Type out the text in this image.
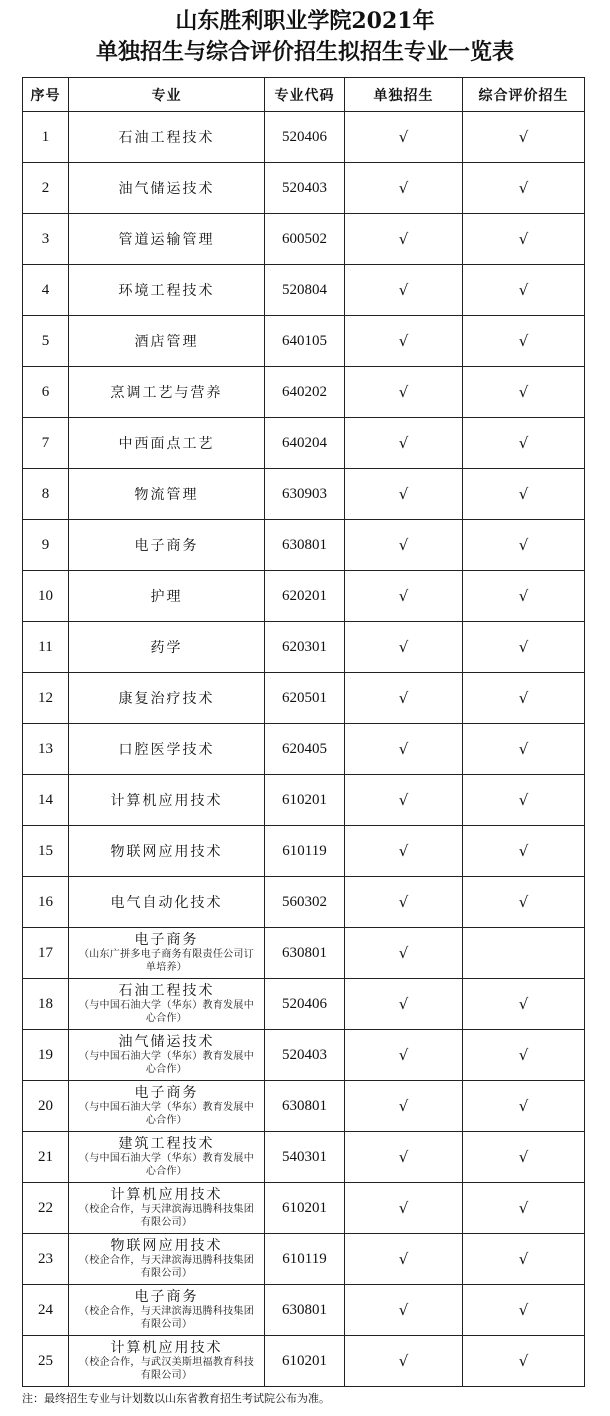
山东胜利职业学院2021年
单独招生与综合评价招生拟招生专业一览表
序号	专业	专业代码	单独招生	综合评价招生
1	石油工程技术	520406	√	√
2	油气储运技术	520403	√	√
3	管道运输管理	600502	√	√
4	环境工程技术	520804	√	√
5	酒店管理	640105	√	√
6	烹调工艺与营养	640202	√	√
7	中西面点工艺	640204	√	√
8	物流管理	630903	√	√
9	电子商务	630801	√	√
10	护理	620201	√	√
11	药学	620301	√	√
12	康复治疗技术	620501	√	√
13	口腔医学技术	620405	√	√
14	计算机应用技术	610201	√	√
15	物联网应用技术	610119	√	√
16	电气自动化技术	560302	√	√
17	电子商务
（山东广拼多电子商务有限责任公司订单培养）	630801	√	
18	石油工程技术
（与中国石油大学（华东）教育发展中心合作）	520406	√	√
19	油气储运技术
（与中国石油大学（华东）教育发展中心合作）	520403	√	√
20	电子商务
（与中国石油大学（华东）教育发展中心合作）	630801	√	√
21	建筑工程技术
（与中国石油大学（华东）教育发展中心合作）	540301	√	√
22	计算机应用技术
（校企合作，与天津滨海迅腾科技集团有限公司）	610201	√	√
23	物联网应用技术
（校企合作，与天津滨海迅腾科技集团有限公司）	610119	√	√
24	电子商务
（校企合作，与天津滨海迅腾科技集团有限公司）	630801	√	√
25	计算机应用技术
（校企合作，与武汉美斯坦福教育科技有限公司）	610201	√	√
注：最终招生专业与计划数以山东省教育招生考试院公布为准。
